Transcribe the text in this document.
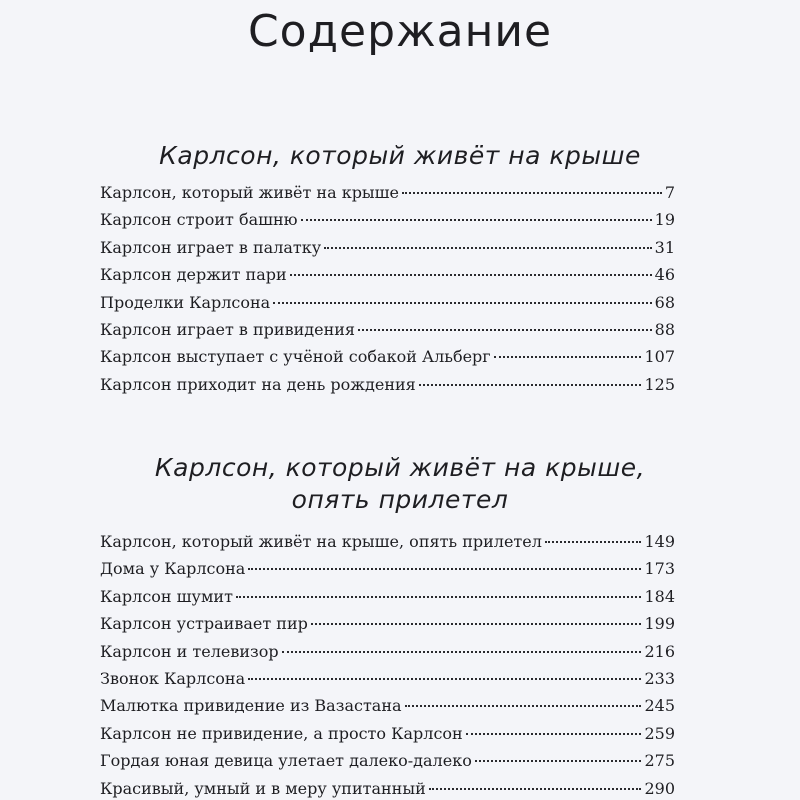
Содержание
Карлсон, который живёт на крыше
Карлсон, который живёт на крыше	7
Карлсон строит башню	19
Карлсон играет в палатку	31
Карлсон держит пари	46
Проделки Карлсона	68
Карлсон играет в привидения	88
Карлсон выступает с учёной собакой Альберг	107
Карлсон приходит на день рождения	125
Карлсон, который живёт на крыше,
опять прилетел
Карлсон, который живёт на крыше, опять прилетел	149
Дома у Карлсона	173
Карлсон шумит	184
Карлсон устраивает пир	199
Карлсон и телевизор	216
Звонок Карлсона	233
Малютка привидение из Вазастана	245
Карлсон не привидение, а просто Карлсон	259
Гордая юная девица улетает далеко-далеко	275
Красивый, умный и в меру упитанный	290
